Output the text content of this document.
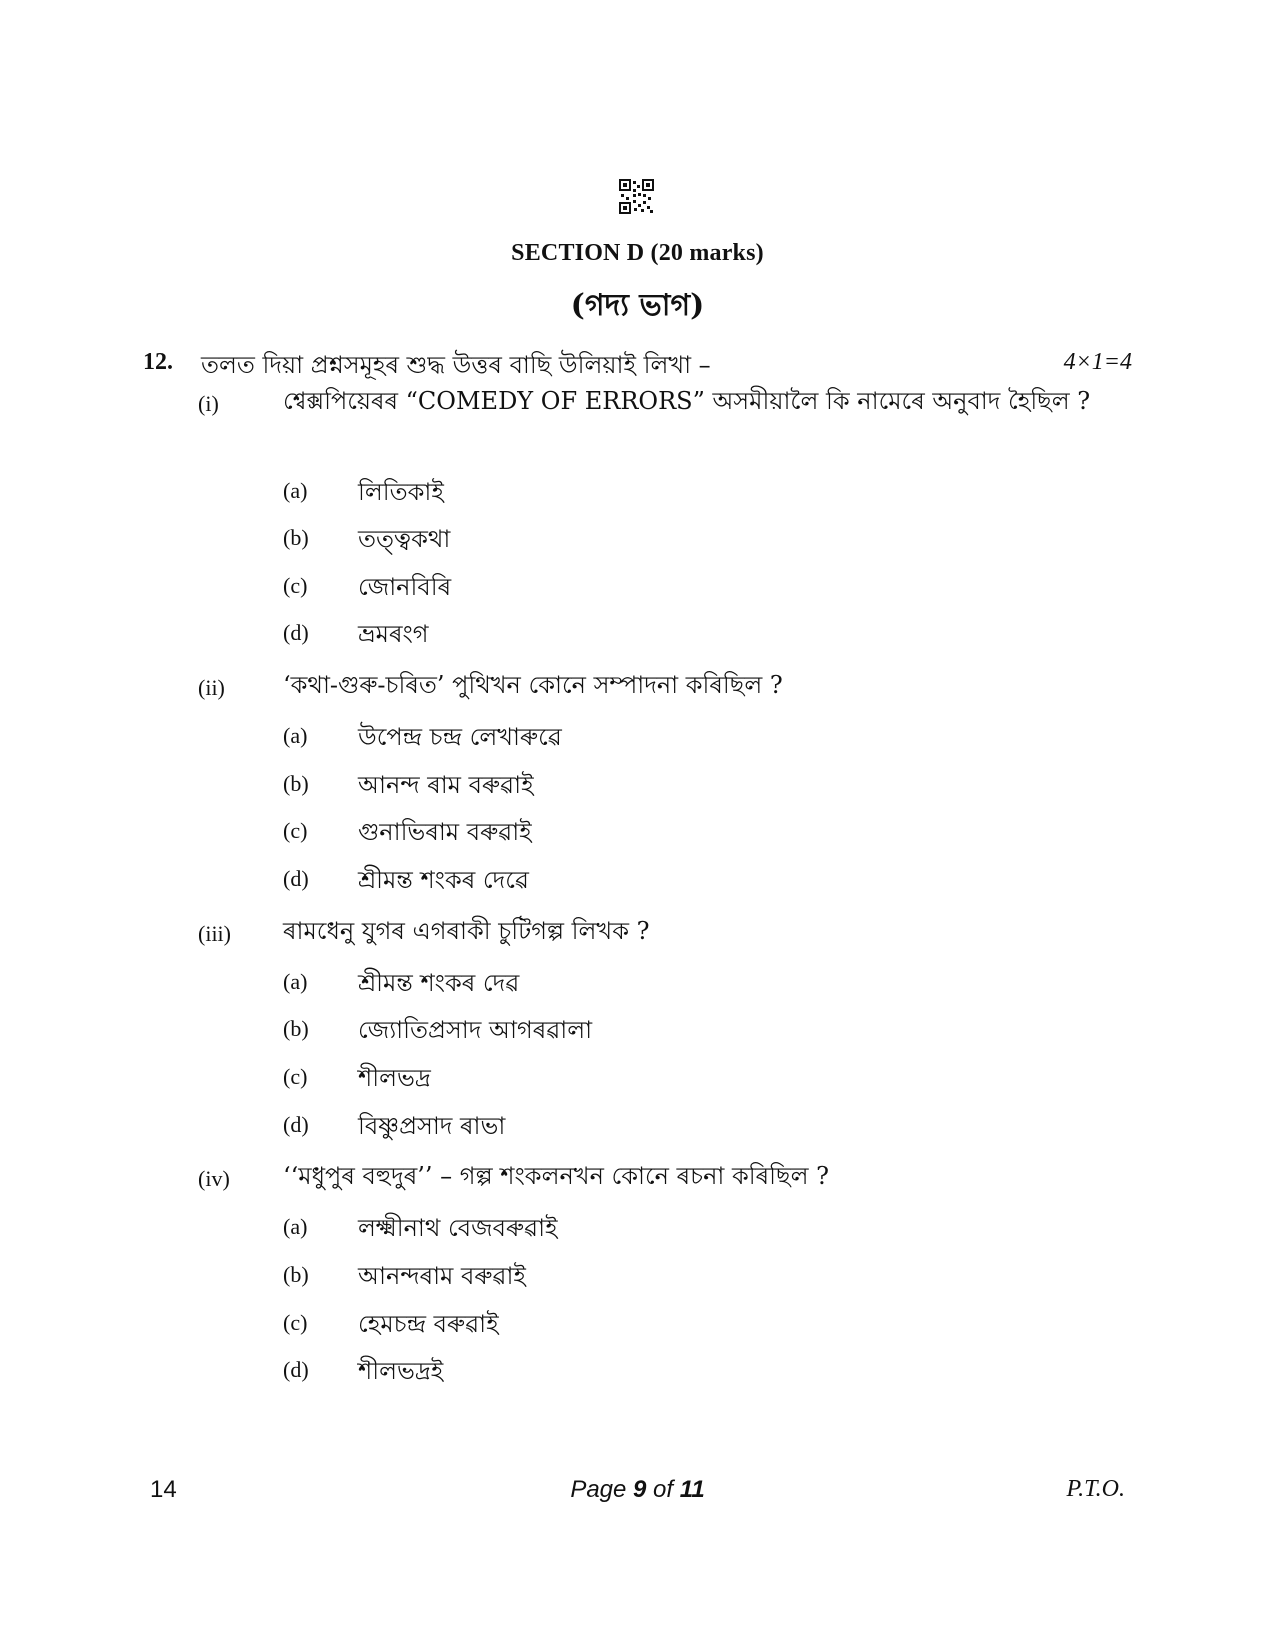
SECTION D (20 marks)
(গদ্য ভাগ)
12. তলত দিয়া প্ৰশ্নসমূহৰ শুদ্ধ উত্তৰ বাছি উলিয়াই লিখা –	4×1=4
(i)	শ্বেক্সপিয়েৰৰ “COMEDY OF ERRORS” অসমীয়ালৈ কি নামেৰে অনুবাদ হৈছিল ?
(a) লিতিকাই
(b) তত্ত্বকথা
(c) জোনবিৰি
(d) ভ্ৰমৰংগ
(ii) ‘কথা-গুৰু-চৰিত’ পুথিখন কোনে সম্পাদনা কৰিছিল ?
(a) উপেন্দ্ৰ চন্দ্ৰ লেখাৰুৱে
(b) আনন্দ ৰাম বৰুৱাই
(c) গুনাভিৰাম বৰুৱাই
(d) শ্ৰীমন্ত শংকৰ দেৱে
(iii) ৰামধেনু যুগৰ এগৰাকী চুটিগল্প লিখক ?
(a) শ্ৰীমন্ত শংকৰ দেৱ
(b) জ্যোতিপ্ৰসাদ আগৰৱালা
(c) শীলভদ্ৰ
(d) বিষ্ণুপ্ৰসাদ ৰাভা
(iv) ‘‘মধুপুৰ বহুদুৰ’’ – গল্প শংকলনখন কোনে ৰচনা কৰিছিল ?
(a) লক্ষ্মীনাথ বেজবৰুৱাই
(b) আনন্দৰাম বৰুৱাই
(c) হেমচন্দ্ৰ বৰুৱাই
(d) শীলভদ্ৰই
14	Page 9 of 11	P.T.O.
